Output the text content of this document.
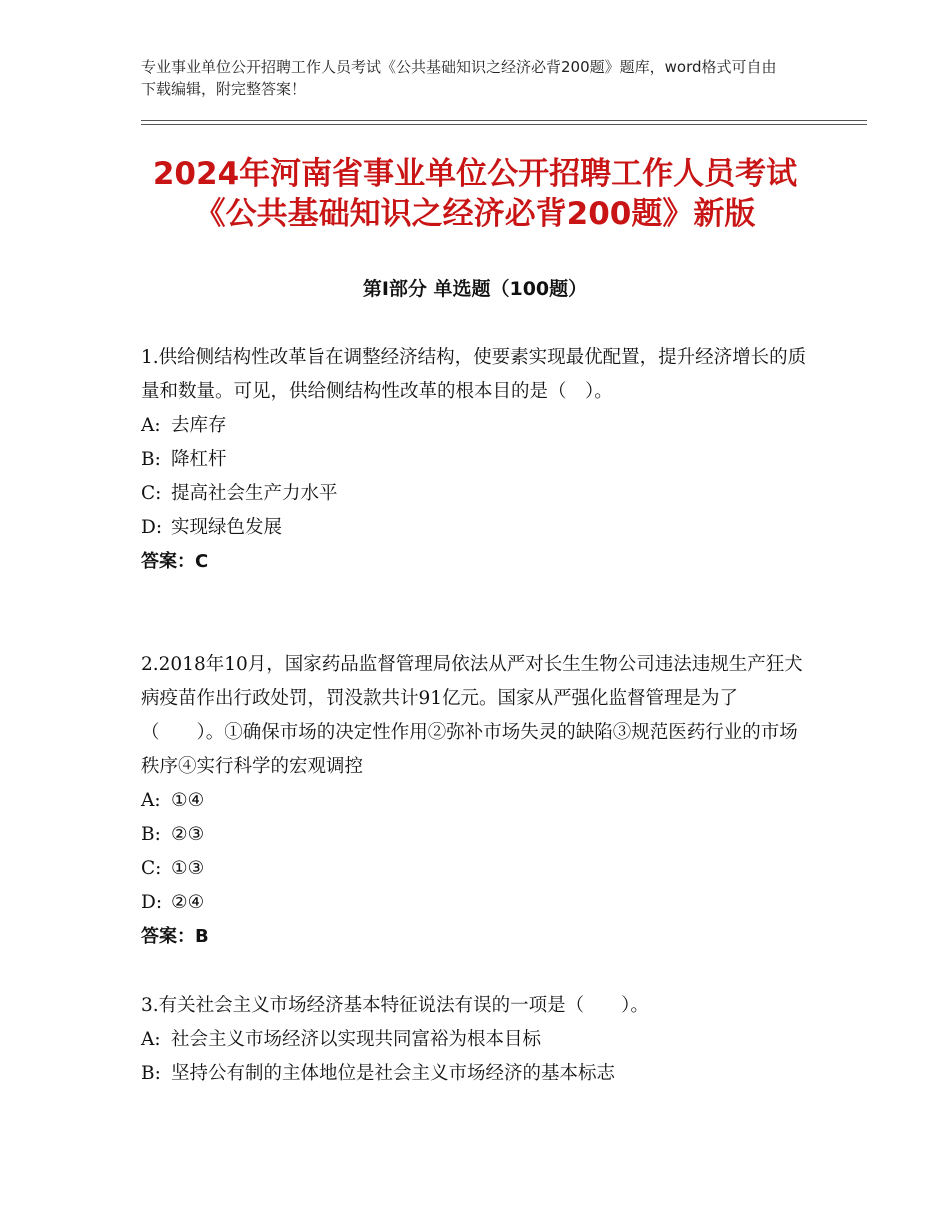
专业事业单位公开招聘工作人员考试《公共基础知识之经济必背200题》题库，word格式可自由下载编辑，附完整答案！
2024年河南省事业单位公开招聘工作人员考试《公共基础知识之经济必背200题》新版
第Ⅰ部分 单选题（100题）

1.供给侧结构性改革旨在调整经济结构，使要素实现最优配置，提升经济增长的质量和数量。可见，供给侧结构性改革的根本目的是（　）。

A: 去库存
B: 降杠杆
C: 提高社会生产力水平
D: 实现绿色发展

答案：C

2.2018年10月，国家药品监督管理局依法从严对长生生物公司违法违规生产狂犬病疫苗作出行政处罚，罚没款共计91亿元。国家从严强化监督管理是为了（　　）。①确保市场的决定性作用②弥补市场失灵的缺陷③规范医药行业的市场秩序④实行科学的宏观调控

A: ①④
B: ②③
C: ①③
D: ②④

答案：B

3.有关社会主义市场经济基本特征说法有误的一项是（　　）。

A: 社会主义市场经济以实现共同富裕为根本目标
B: 坚持公有制的主体地位是社会主义市场经济的基本标志
